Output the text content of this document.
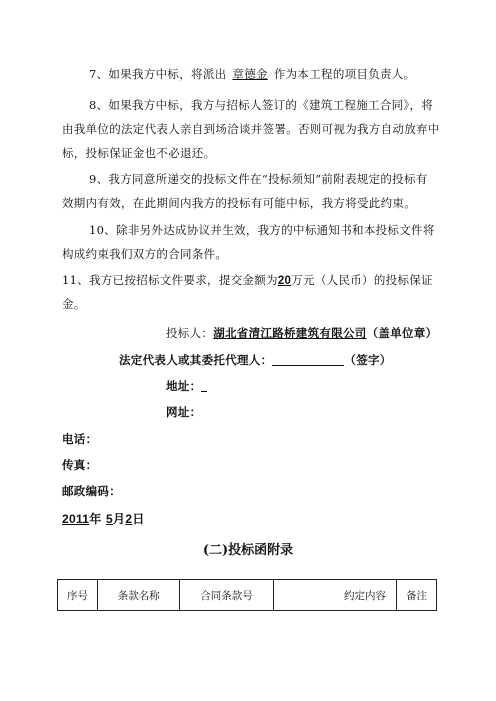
7、如果我方中标，将派出 章德金 作为本工程的项目负责人。
8、如果我方中标，我方与招标人签订的《建筑工程施工合同》，将
由我单位的法定代表人亲自到场洽谈并签署。否则可视为我方自动放弃中
标，投标保证金也不必退还。
9、我方同意所递交的投标文件在“投标须知”前附表规定的投标有
效期内有效，在此期间内我方的投标有可能中标，我方将受此约束。
10、除非另外达成协议并生效，我方的中标通知书和本投标文件将
构成约束我们双方的合同条件。
11、我方已按招标文件要求，提交金额为20万元（人民币）的投标保证
金。
投标人：湖北省清江路桥建筑有限公司（盖单位章）
法定代表人或其委托代理人：	（签字）
地址：
网址：
电话：
传真：
邮政编码：
2011年 5月2日
(二)投标函附录
序号	条款名称	合同条款号	约定内容	备注
